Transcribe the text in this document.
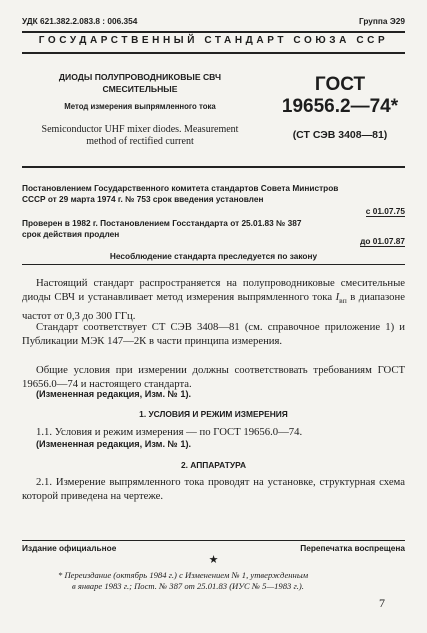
УДК 621.382.2.083.8 : 006.354	Группа Э29
ГОСУДАРСТВЕННЫЙ СТАНДАРТ СОЮЗА ССР
ДИОДЫ ПОЛУПРОВОДНИКОВЫЕ СВЧ
СМЕСИТЕЛЬНЫЕ
Метод измерения выпрямленного тока
Semiconductor UHF mixer diodes. Measurement
method of rectified current
ГОСТ
19656.2—74*
(СТ СЭВ 3408—81)
Постановлением Государственного комитета стандартов Совета Министров
СССР от 29 марта 1974 г. № 753 срок введения установлен
с 01.07.75
Проверен в 1982 г. Постановлением Госстандарта от 25.01.83 № 387
срок действия продлен
до 01.07.87
Несоблюдение стандарта преследуется по закону
Настоящий стандарт распространяется на полупроводниковые смесительные диоды СВЧ и устанавливает метод измерения выпрямленного тока $I_{вп}$ в диапазоне частот от 0,3 до 300 ГГц.
Стандарт соответствует СТ СЭВ 3408—81 (см. справочное приложение 1) и Публикации МЭК 147—2К в части принципа измерения.
Общие условия при измерении должны соответствовать требованиям ГОСТ 19656.0—74 и настоящего стандарта.
(Измененная редакция, Изм. № 1).
1. УСЛОВИЯ И РЕЖИМ ИЗМЕРЕНИЯ
1.1. Условия и режим измерения — по ГОСТ 19656.0—74.
(Измененная редакция, Изм. № 1).
2. АППАРАТУРА
2.1. Измерение выпрямленного тока проводят на установке, структурная схема которой приведена на чертеже.
Издание официальное	Перепечатка воспрещена
★
* Переиздание (октябрь 1984 г.) с Изменением № 1, утвержденным
в январе 1983 г.; Пост. № 387 от 25.01.83 (ИУС № 5—1983 г.).
7
